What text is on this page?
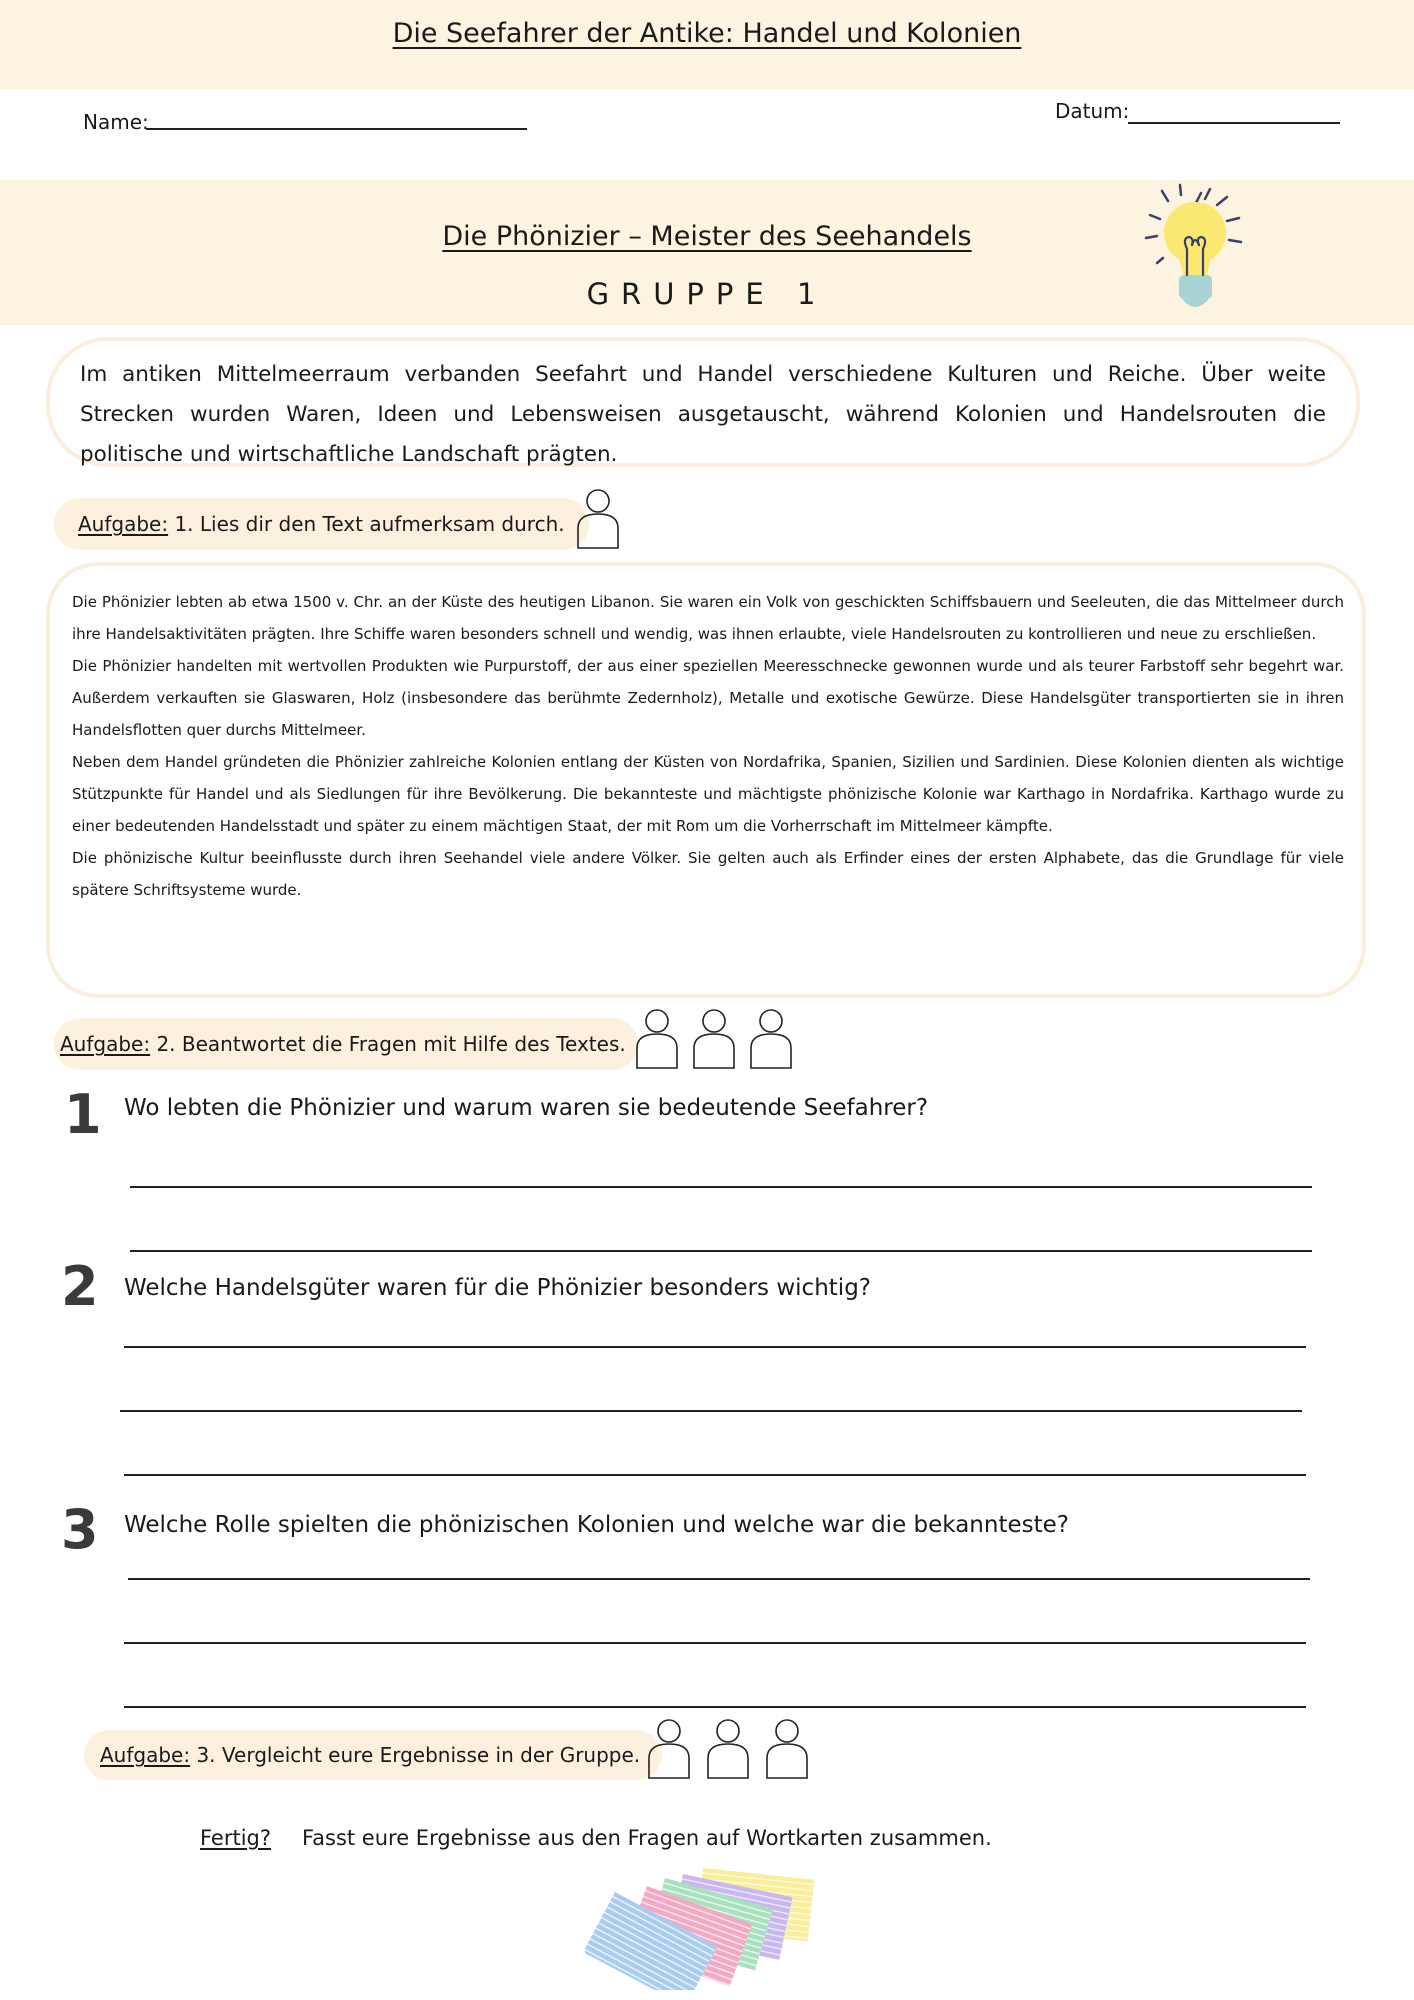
Die Seefahrer der Antike: Handel und Kolonien
Name:	Datum:
Die Phönizier – Meister des Seehandels
GRUPPE 1
Im antiken Mittelmeerraum verbanden Seefahrt und Handel verschiedene Kulturen und Reiche. Über weite Strecken wurden Waren, Ideen und Lebensweisen ausgetauscht, während Kolonien und Handelsrouten die politische und wirtschaftliche Landschaft prägten.
Aufgabe: 1. Lies dir den Text aufmerksam durch.

Die Phönizier lebten ab etwa 1500 v. Chr. an der Küste des heutigen Libanon. Sie waren ein Volk von geschickten Schiffsbauern und Seeleuten, die das Mittelmeer durch ihre Handelsaktivitäten prägten. Ihre Schiffe waren besonders schnell und wendig, was ihnen erlaubte, viele Handelsrouten zu kontrollieren und neue zu erschließen.

Die Phönizier handelten mit wertvollen Produkten wie Purpurstoff, der aus einer speziellen Meeresschnecke gewonnen wurde und als teurer Farbstoff sehr begehrt war. Außerdem verkauften sie Glaswaren, Holz (insbesondere das berühmte Zedernholz), Metalle und exotische Gewürze. Diese Handelsgüter transportierten sie in ihren Handelsflotten quer durchs Mittelmeer.

Neben dem Handel gründeten die Phönizier zahlreiche Kolonien entlang der Küsten von Nordafrika, Spanien, Sizilien und Sardinien. Diese Kolonien dienten als wichtige Stützpunkte für Handel und als Siedlungen für ihre Bevölkerung. Die bekannteste und mächtigste phönizische Kolonie war Karthago in Nordafrika. Karthago wurde zu einer bedeutenden Handelsstadt und später zu einem mächtigen Staat, der mit Rom um die Vorherrschaft im Mittelmeer kämpfte.

Die phönizische Kultur beeinflusste durch ihren Seehandel viele andere Völker. Sie gelten auch als Erfinder eines der ersten Alphabete, das die Grundlage für viele spätere Schriftsysteme wurde.

Aufgabe: 2. Beantwortet die Fragen mit Hilfe des Textes.

1 Wo lebten die Phönizier und warum waren sie bedeutende Seefahrer?
2 Welche Handelsgüter waren für die Phönizier besonders wichtig?
3 Welche Rolle spielten die phönizischen Kolonien und welche war die bekannteste?
Aufgabe: 3. Vergleicht eure Ergebnisse in der Gruppe.

Fertig? Fasst eure Ergebnisse aus den Fragen auf Wortkarten zusammen.
